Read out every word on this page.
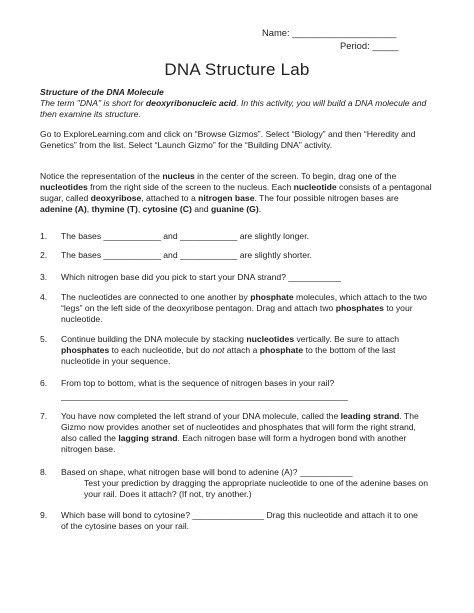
Name: ____________________
Period: _____
DNA Structure Lab
Structure of the DNA Molecule
The term "DNA" is short for deoxyribonucleic acid. In this activity, you will build a DNA molecule and then examine its structure.
Go to ExploreLearning.com and click on “Browse Gizmos”. Select “Biology” and then “Heredity and Genetics” from the list. Select “Launch Gizmo” for the “Building DNA” activity.
Notice the representation of the nucleus in the center of the screen. To begin, drag one of the nucleotides from the right side of the screen to the nucleus. Each nucleotide consists of a pentagonal sugar, called deoxyribose, attached to a nitrogen base. The four possible nitrogen bases are adenine (A), thymine (T), cytosine (C) and guanine (G).
1. The bases ____________ and ____________ are slightly longer.
2. The bases ____________ and ____________ are slightly shorter.
3. Which nitrogen base did you pick to start your DNA strand? ___________
4. The nucleotides are connected to one another by phosphate molecules, which attach to the two “legs” on the left side of the deoxyribose pentagon. Drag and attach two phosphates to your nucleotide.
5. Continue building the DNA molecule by stacking nucleotides vertically. Be sure to attach phosphates to each nucleotide, but do not attach a phosphate to the bottom of the last nucleotide in your sequence.
6. From top to bottom, what is the sequence of nitrogen bases in your rail?
____________________________________________________________
7. You have now completed the left strand of your DNA molecule, called the leading strand. The Gizmo now provides another set of nucleotides and phosphates that will form the right strand, also called the lagging strand. Each nitrogen base will form a hydrogen bond with another nitrogen base.
8. Based on shape, what nitrogen base will bond to adenine (A)? ___________
Test your prediction by dragging the appropriate nucleotide to one of the adenine bases on your rail. Does it attach? (If not, try another.)
9. Which base will bond to cytosine? _______________ Drag this nucleotide and attach it to one of the cytosine bases on your rail.
